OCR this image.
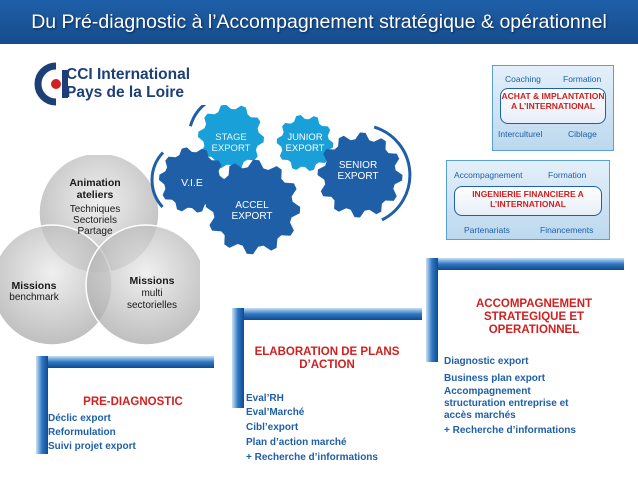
Du Pré-diagnostic à l’Accompagnement stratégique & opérationnel
CCI International
Pays de la Loire
Animation ateliers
Techniques
Sectoriels
Partage
Missions
benchmark
Missions
multi sectorielles
STAGE EXPORT
V.I.E
JUNIOR EXPORT
ACCEL EXPORT
SENIOR EXPORT
Coaching	Formation
ACHAT & IMPLANTATION A L’INTERNATIONAL
Interculturel	Ciblage
Accompagnement	Formation
INGENIERIE FINANCIERE A L’INTERNATIONAL
Partenariats	Financements
PRE-DIAGNOSTIC
Déclic export
Reformulation
Suivi projet export
ELABORATION DE PLANS D’ACTION
Eval’RH
Eval’Marché
Cibl’export
Plan d’action marché
+ Recherche d’informations
ACCOMPAGNEMENT STRATEGIQUE ET OPERATIONNEL
Diagnostic export
Business plan export
Accompagnement structuration entreprise et accès marchés
+ Recherche d’informations
